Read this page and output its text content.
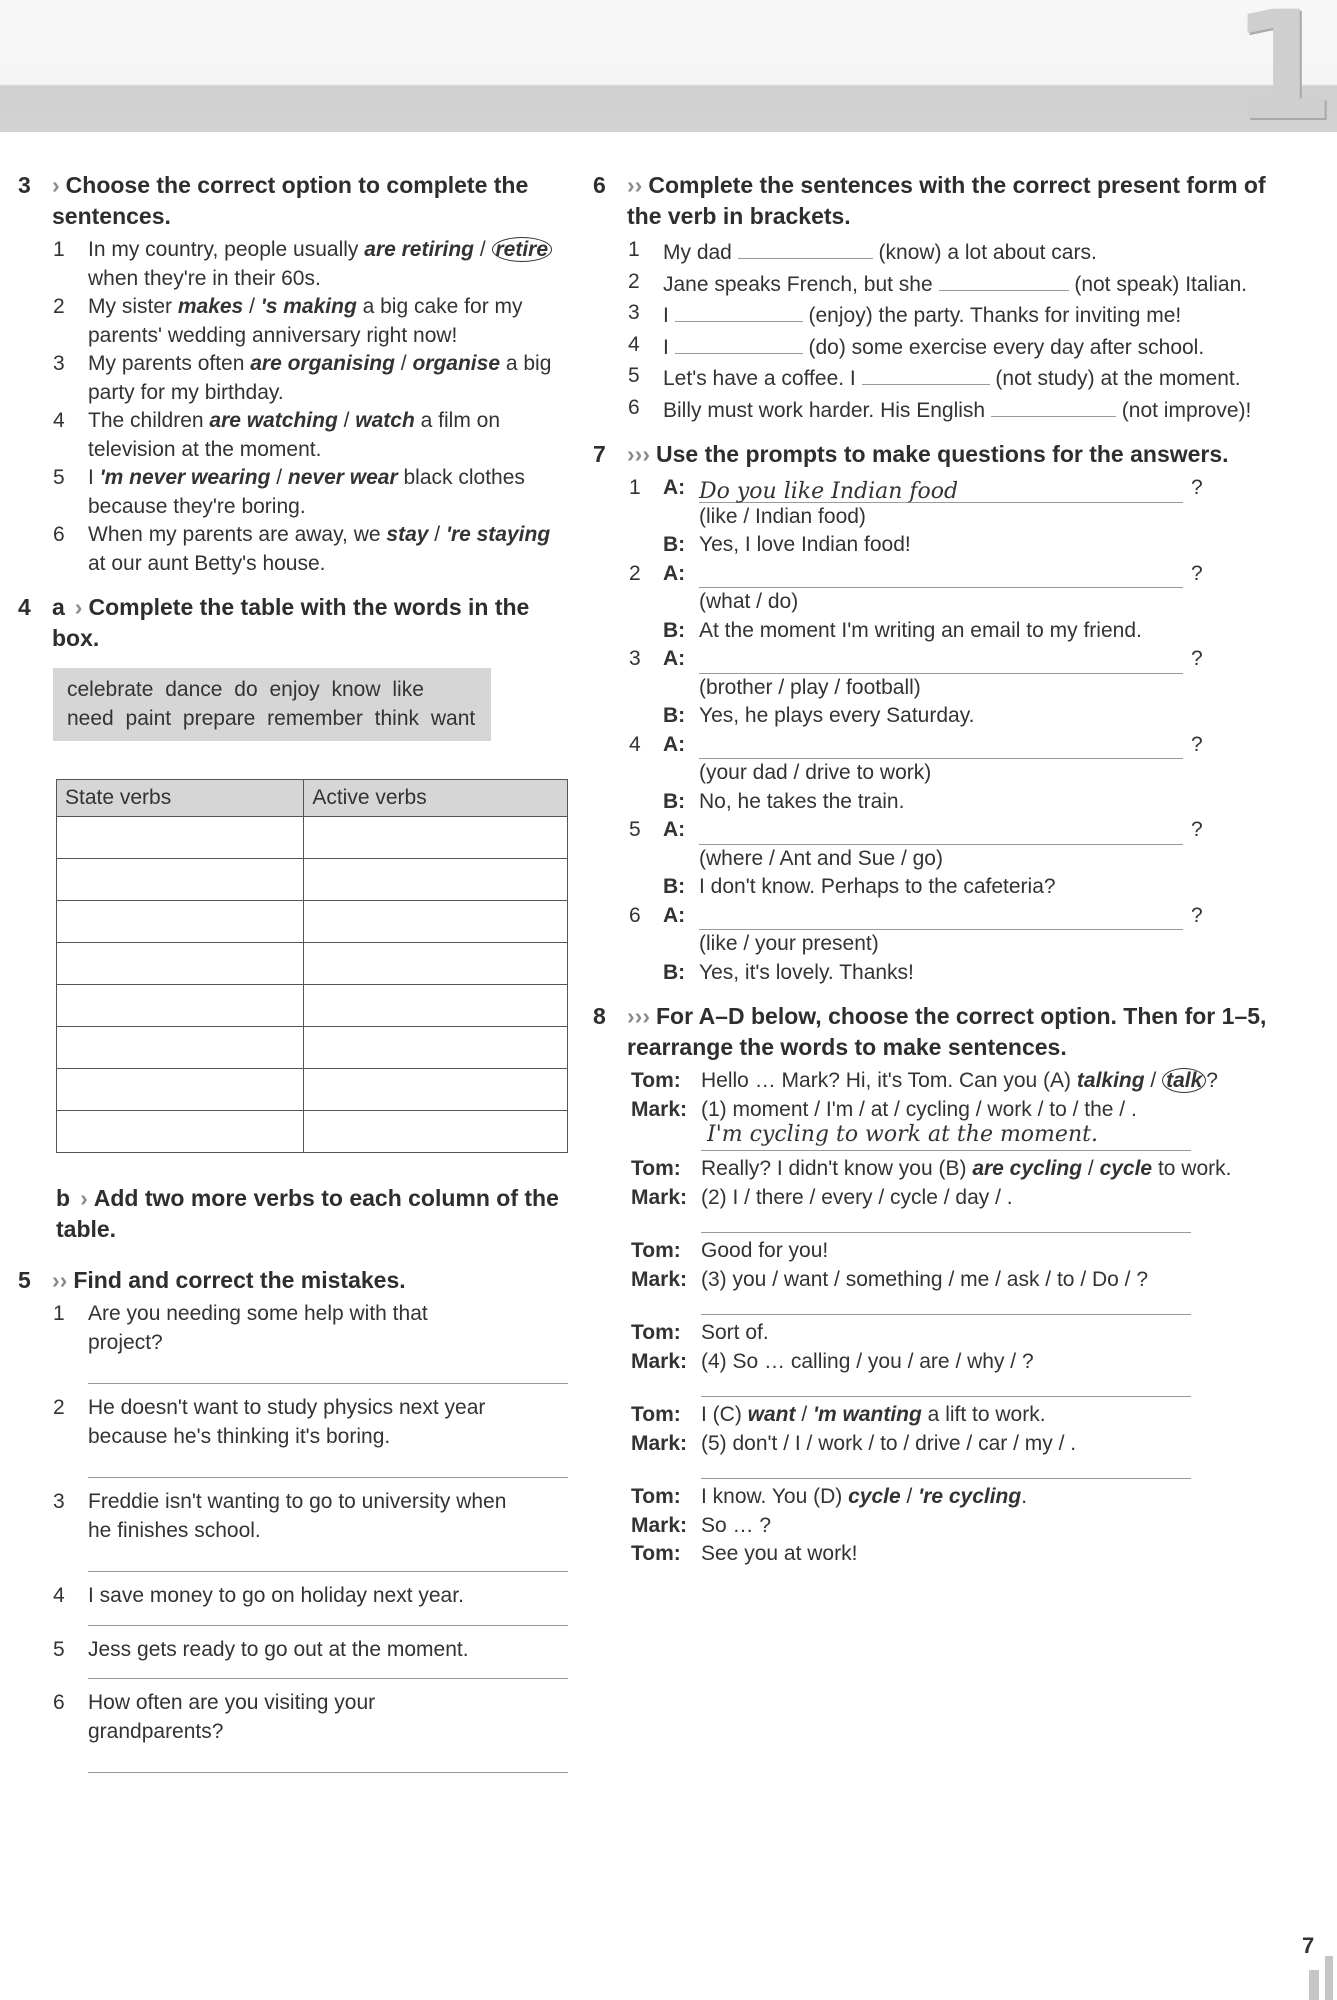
1
3 › Choose the correct option to complete the sentences.
1 In my country, people usually are retiring / retire when they're in their 60s.
2 My sister makes / 's making a big cake for my parents' wedding anniversary right now!
3 My parents often are organising / organise a big party for my birthday.
4 The children are watching / watch a film on television at the moment.
5 I 'm never wearing / never wear black clothes because they're boring.
6 When my parents are away, we stay / 're staying at our aunt Betty's house.
4 a › Complete the table with the words in the box.
celebrate dance do enjoy know like need paint prepare remember think want
State verbs	Active verbs

b › Add two more verbs to each column of the table.
5 ›› Find and correct the mistakes.
1 Are you needing some help with that project?
2 He doesn't want to study physics next year because he's thinking it's boring.
3 Freddie isn't wanting to go to university when he finishes school.
4 I save money to go on holiday next year.
5 Jess gets ready to go out at the moment.
6 How often are you visiting your grandparents?
6 ›› Complete the sentences with the correct present form of the verb in brackets.
1 My dad	(know) a lot about cars.
2 Jane speaks French, but she	(not speak) Italian.
3 I	(enjoy) the party. Thanks for inviting me!
4 I	(do) some exercise every day after school.
5 Let's have a coffee. I	(not study) at the moment.
6 Billy must work harder. His English	(not improve)!
7 ››› Use the prompts to make questions for the answers.
1 A: Do you like Indian food	?
(like / Indian food)
B: Yes, I love Indian food!
2 A:	?
(what / do)
B: At the moment I'm writing an email to my friend.
3 A:	?
(brother / play / football)
B: Yes, he plays every Saturday.
4 A:	?
(your dad / drive to work)
B: No, he takes the train.
5 A:	?
(where / Ant and Sue / go)
B: I don't know. Perhaps to the cafeteria?
6 A:	?
(like / your present)
B: Yes, it's lovely. Thanks!
8 ››› For A–D below, choose the correct option. Then for 1–5, rearrange the words to make sentences.
Tom: Hello … Mark? Hi, it's Tom. Can you (A) talking / talk ?
Mark: (1) moment / I'm / at / cycling / work / to / the / .
I'm cycling to work at the moment.
Tom: Really? I didn't know you (B) are cycling / cycle to work.
Mark: (2) I / there / every / cycle / day / .
Tom: Good for you!
Mark: (3) you / want / something / me / ask / to / Do / ?
Tom: Sort of.
Mark: (4) So … calling / you / are / why / ?
Tom: I (C) want / 'm wanting a lift to work.
Mark: (5) don't / I / work / to / drive / car / my / .
Tom: I know. You (D) cycle / 're cycling.
Mark: So … ?
Tom: See you at work!
7
